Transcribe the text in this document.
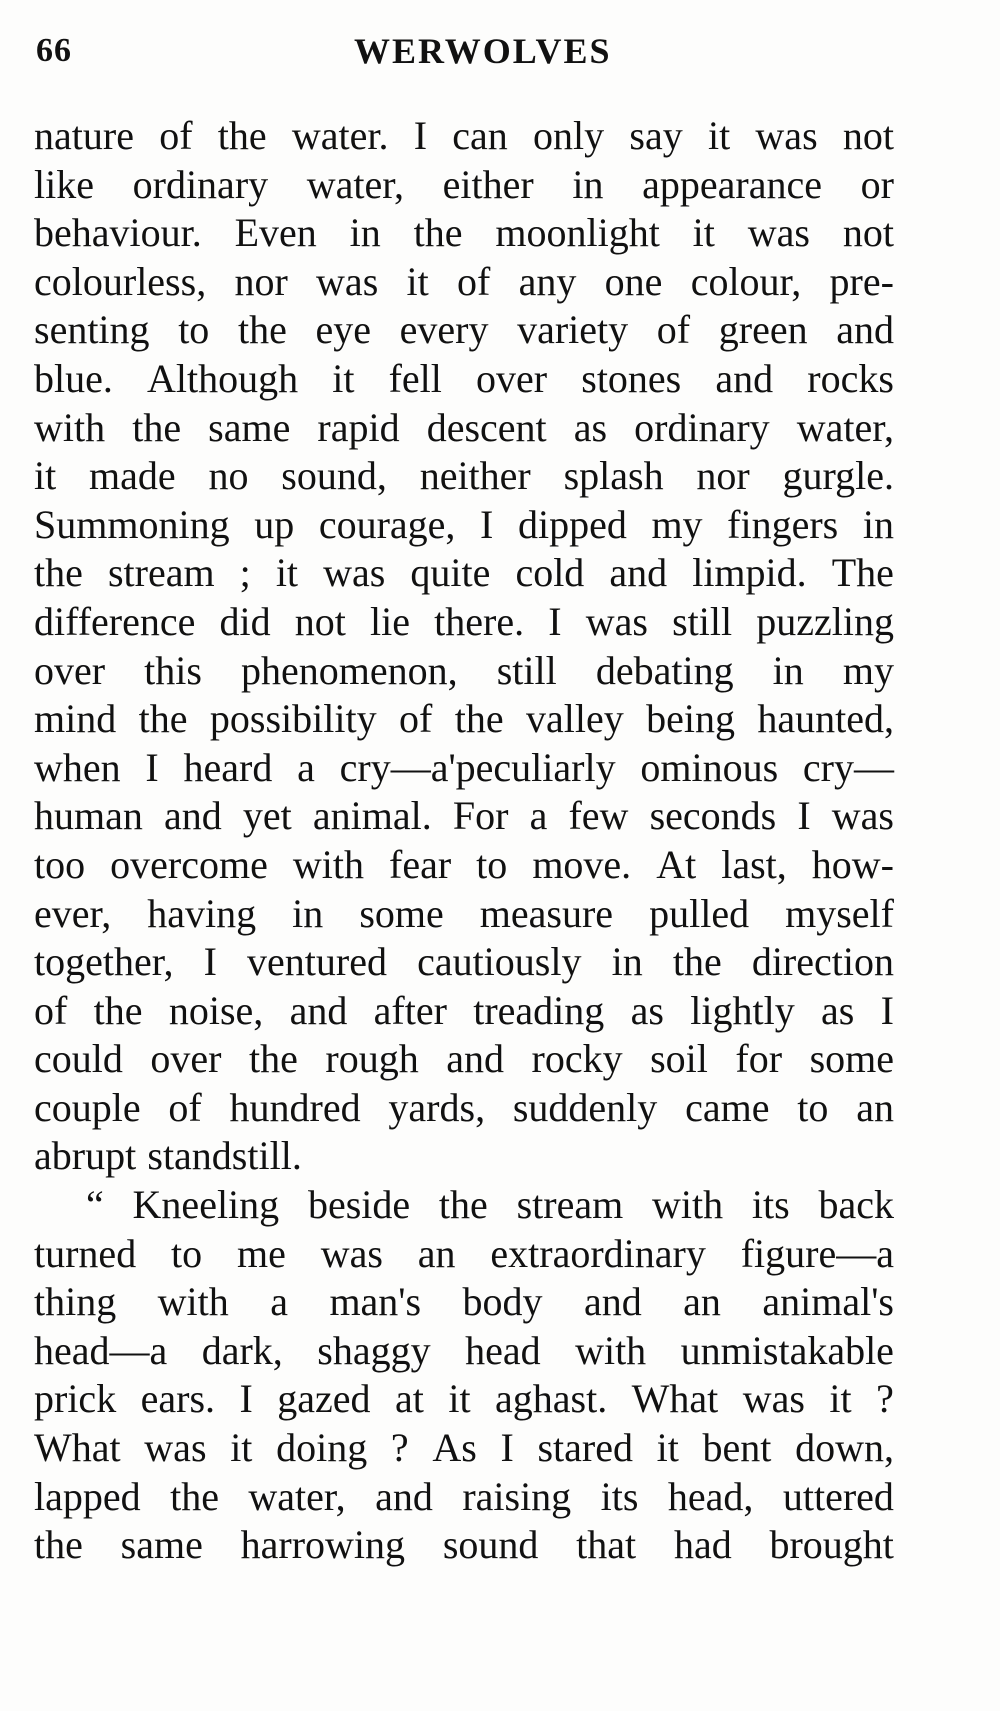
66	WERWOLVES
nature of the water. I can only say it was not
like ordinary water, either in appearance or
behaviour. Even in the moonlight it was not
colourless, nor was it of any one colour, pre-
senting to the eye every variety of green and
blue. Although it fell over stones and rocks
with the same rapid descent as ordinary water,
it made no sound, neither splash nor gurgle.
Summoning up courage, I dipped my fingers in
the stream ; it was quite cold and limpid. The
difference did not lie there. I was still puzzling
over this phenomenon, still debating in my
mind the possibility of the valley being haunted,
when I heard a cry—a'peculiarly ominous cry—
human and yet animal. For a few seconds I was
too overcome with fear to move. At last, how-
ever, having in some measure pulled myself
together, I ventured cautiously in the direction
of the noise, and after treading as lightly as I
could over the rough and rocky soil for some
couple of hundred yards, suddenly came to an
abrupt standstill.
“ Kneeling beside the stream with its back
turned to me was an extraordinary figure—a
thing with a man's body and an animal's
head—a dark, shaggy head with unmistakable
prick ears. I gazed at it aghast. What was it ?
What was it doing ? As I stared it bent down,
lapped the water, and raising its head, uttered
the same harrowing sound that had brought
